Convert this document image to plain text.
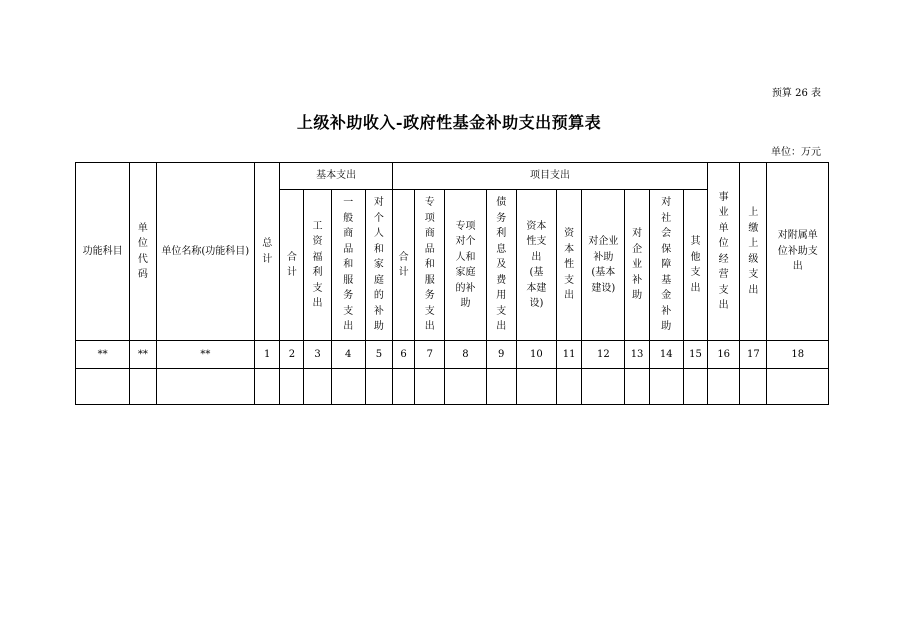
预算 26 表
上级补助收入-政府性基金补助支出预算表
单位：万元
功能科目	单位代码	单位名称(功能科目)	总计	基本支出				项目支出										事业单位经营支出	上缴上级支出	对附属单位补助支出
				合计	工资福利支出	一般商品和服务支出	对个人和家庭的补助	合计	专项商品和服务支出	专项对个人和家庭的补助	债务利息及费用支出	资本性支出(基本建设)	资本性支出	对企业补助(基本建设)	对企业补助	对社会保障基金补助	其他支出			
**	**	**	1	2	3	4	5	6	7	8	9	10	11	12	13	14	15	16	17	18
